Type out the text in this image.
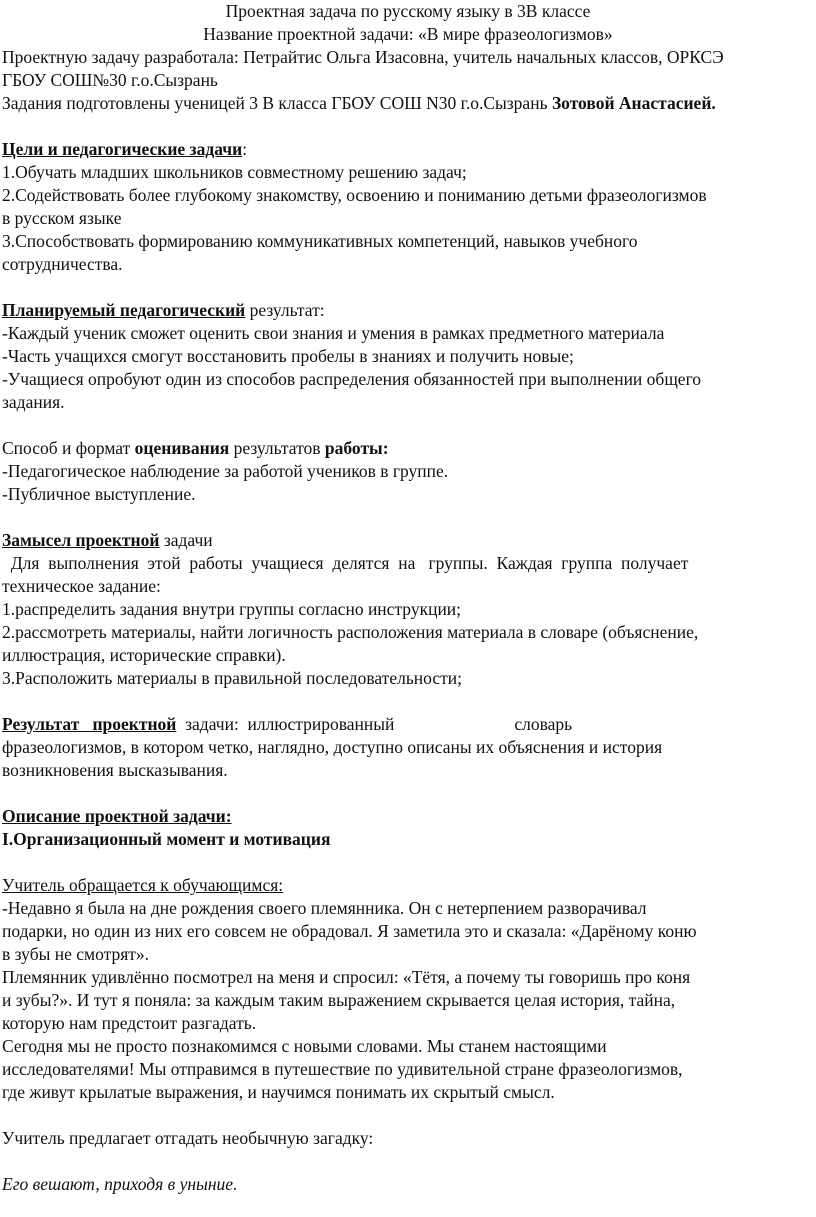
Проектная задача по русскому языку в 3В классе
Название проектной задачи: «В мире фразеологизмов»
Проектную задачу разработала: Петрайтис Ольга Изасовна, учитель начальных классов, ОРКСЭ
ГБОУ СОШ№30 г.о.Сызрань
Задания подготовлены ученицей 3 В класса ГБОУ СОШ N30 г.о.Сызрань Зотовой Анастасией.
Цели и педагогические задачи:
1.Обучать младших школьников совместному решению задач;
2.Содействовать более глубокому знакомству, освоению и пониманию детьми фразеологизмов
в русском языке
3.Способствовать формированию коммуникативных компетенций, навыков учебного
сотрудничества.
Планируемый педагогический результат:
-Каждый ученик сможет оценить свои знания и умения в рамках предметного материала
-Часть учащихся смогут восстановить пробелы в знаниях и получить новые;
-Учащиеся опробуют один из способов распределения обязанностей при выполнении общего
задания.
Способ и формат оценивания результатов работы:
-Педагогическое наблюдение за работой учеников в группе.
-Публичное выступление.
Замысел проектной задачи
Для  выполнения  этой  работы  учащиеся  делятся  на   группы.  Каждая  группа  получает
техническое задание:
1.распределить задания внутри группы согласно инструкции;
2.рассмотреть материалы, найти логичность расположения материала в словаре (объяснение,
иллюстрация, исторические справки).
3.Расположить материалы в правильной последовательности;
Результат   проектной  задачи:  иллюстрированный	словарь
фразеологизмов, в котором четко, наглядно, доступно описаны их объяснения и история
возникновения высказывания.
Описание проектной задачи:
I.Организационный момент и мотивация
Учитель обращается к обучающимся:
-Недавно я была на дне рождения своего племянника. Он с нетерпением разворачивал
подарки, но один из них его совсем не обрадовал. Я заметила это и сказала: «Дарёному коню
в зубы не смотрят».
Племянник удивлённо посмотрел на меня и спросил: «Тётя, а почему ты говоришь про коня
и зубы?». И тут я поняла: за каждым таким выражением скрывается целая история, тайна,
которую нам предстоит разгадать.
Сегодня мы не просто познакомимся с новыми словами. Мы станем настоящими
исследователями! Мы отправимся в путешествие по удивительной стране фразеологизмов,
где живут крылатые выражения, и научимся понимать их скрытый смысл.
Учитель предлагает отгадать необычную загадку:
Его вешают, приходя в уныние.
